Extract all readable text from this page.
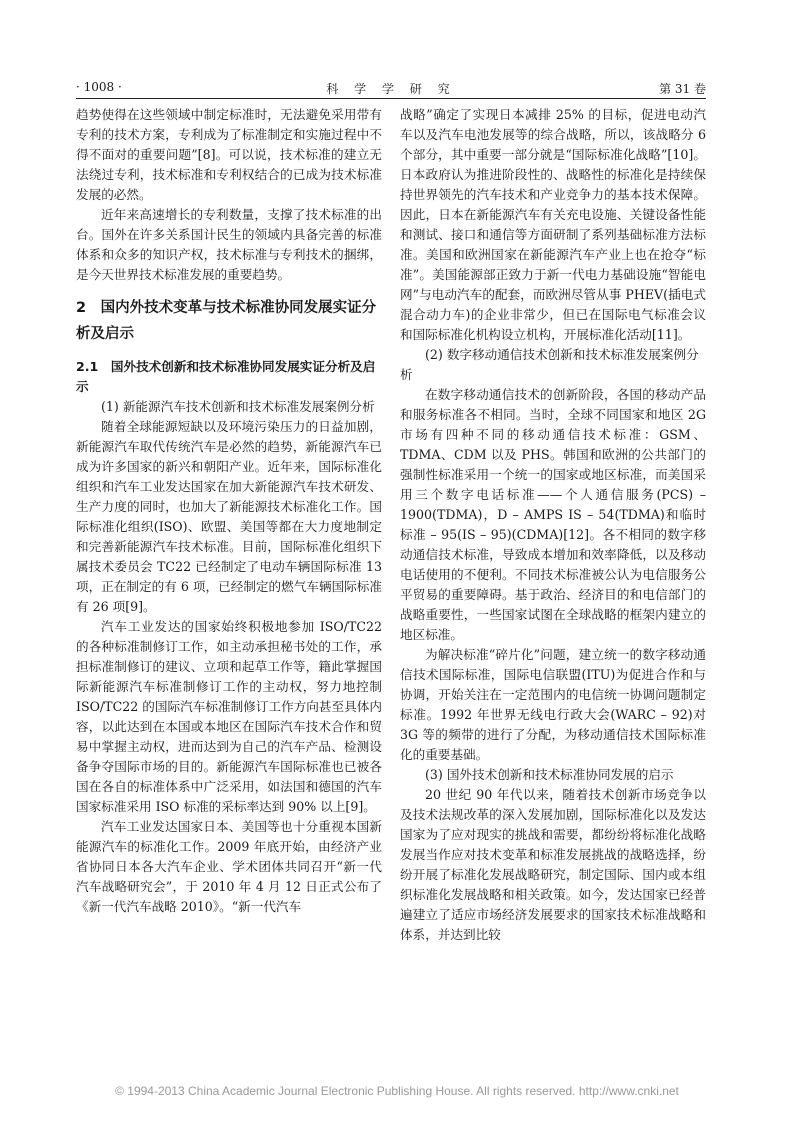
· 1008 ·	科 学 学 研 究	第 31 卷

趋势使得在这些领域中制定标准时，无法避免采用带有专利的技术方案，专利成为了标准制定和实施过程中不得不面对的重要问题”[8]。可以说，技术标准的建立无法绕过专利，技术标准和专利权结合的已成为技术标准发展的必然。

近年来高速增长的专利数量，支撑了技术标准的出台。国外在许多关系国计民生的领域内具备完善的标准体系和众多的知识产权，技术标准与专利技术的捆绑，是今天世界技术标准发展的重要趋势。

2　国内外技术变革与技术标准协同发展实证分析及启示
2.1　国外技术创新和技术标准协同发展实证分析及启示

(1) 新能源汽车技术创新和技术标准发展案例分析

随着全球能源短缺以及环境污染压力的日益加剧，新能源汽车取代传统汽车是必然的趋势，新能源汽车已成为许多国家的新兴和朝阳产业。近年来，国际标准化组织和汽车工业发达国家在加大新能源汽车技术研发、生产力度的同时，也加大了新能源技术标准化工作。国际标准化组织(ISO)、欧盟、美国等都在大力度地制定和完善新能源汽车技术标准。目前，国际标准化组织下属技术委员会 TC22 已经制定了电动车辆国际标准 13 项，正在制定的有 6 项，已经制定的燃气车辆国际标准有 26 项[9]。

汽车工业发达的国家始终积极地参加 ISO/TC22 的各种标准制修订工作，如主动承担秘书处的工作，承担标准制修订的建议、立项和起草工作等，籍此掌握国际新能源汽车标准制修订工作的主动权，努力地控制 ISO/TC22 的国际汽车标准制修订工作方向甚至具体内容，以此达到在本国或本地区在国际汽车技术合作和贸易中掌握主动权，进而达到为自己的汽车产品、检测设备争夺国际市场的目的。新能源汽车国际标准也已被各国在各自的标准体系中广泛采用，如法国和德国的汽车国家标准采用 ISO 标准的采标率达到 90% 以上[9]。

汽车工业发达国家日本、美国等也十分重视本国新能源汽车的标准化工作。2009 年底开始，由经济产业省协同日本各大汽车企业、学术团体共同召开“新一代汽车战略研究会”，于 2010 年 4 月 12 日正式公布了《新一代汽车战略 2010》。“新一代汽车

战略”确定了实现日本减排 25% 的目标，促进电动汽车以及汽车电池发展等的综合战略，所以，该战略分 6 个部分，其中重要一部分就是“国际标准化战略”[10]。日本政府认为推进阶段性的、战略性的标准化是持续保持世界领先的汽车技术和产业竞争力的基本技术保障。因此，日本在新能源汽车有关充电设施、关键设备性能和测试、接口和通信等方面研制了系列基础标准方法标准。美国和欧洲国家在新能源汽车产业上也在抢夺“标准”。美国能源部正致力于新一代电力基础设施“智能电网”与电动汽车的配套，而欧洲尽管从事 PHEV(插电式混合动力车)的企业非常少，但已在国际电气标准会议和国际标准化机构设立机构，开展标准化活动[11]。

(2) 数字移动通信技术创新和技术标准发展案例分析

在数字移动通信技术的创新阶段，各国的移动产品和服务标准各不相同。当时，全球不同国家和地区 2G 市场有四种不同的移动通信技术标准：GSM、TDMA、CDM 以及 PHS。韩国和欧洲的公共部门的强制性标准采用一个统一的国家或地区标准，而美国采用三个数字电话标准——个人通信服务(PCS) – 1900(TDMA)，D – AMPS IS – 54(TDMA)和临时标准 – 95(IS – 95)(CDMA)[12]。各不相同的数字移动通信技术标准，导致成本增加和效率降低，以及移动电话使用的不便利。不同技术标准被公认为电信服务公平贸易的重要障碍。基于政治、经济目的和电信部门的战略重要性，一些国家试图在全球战略的框架内建立的地区标准。

为解决标准“碎片化”问题，建立统一的数字移动通信技术国际标准，国际电信联盟(ITU)为促进合作和与协调，开始关注在一定范围内的电信统一协调问题制定标准。1992 年世界无线电行政大会(WARC – 92)对 3G 等的频带的进行了分配，为移动通信技术国际标准化的重要基础。

(3) 国外技术创新和技术标准协同发展的启示

20 世纪 90 年代以来，随着技术创新市场竞争以及技术法规改革的深入发展加剧，国际标准化以及发达国家为了应对现实的挑战和需要，都纷纷将标准化战略发展当作应对技术变革和标准发展挑战的战略选择，纷纷开展了标准化发展战略研究，制定国际、国内或本组织标准化发展战略和相关政策。如今，发达国家已经普遍建立了适应市场经济发展要求的国家技术标准战略和体系，并达到比较

© 1994-2013 China Academic Journal Electronic Publishing House. All rights reserved. http://www.cnki.net
